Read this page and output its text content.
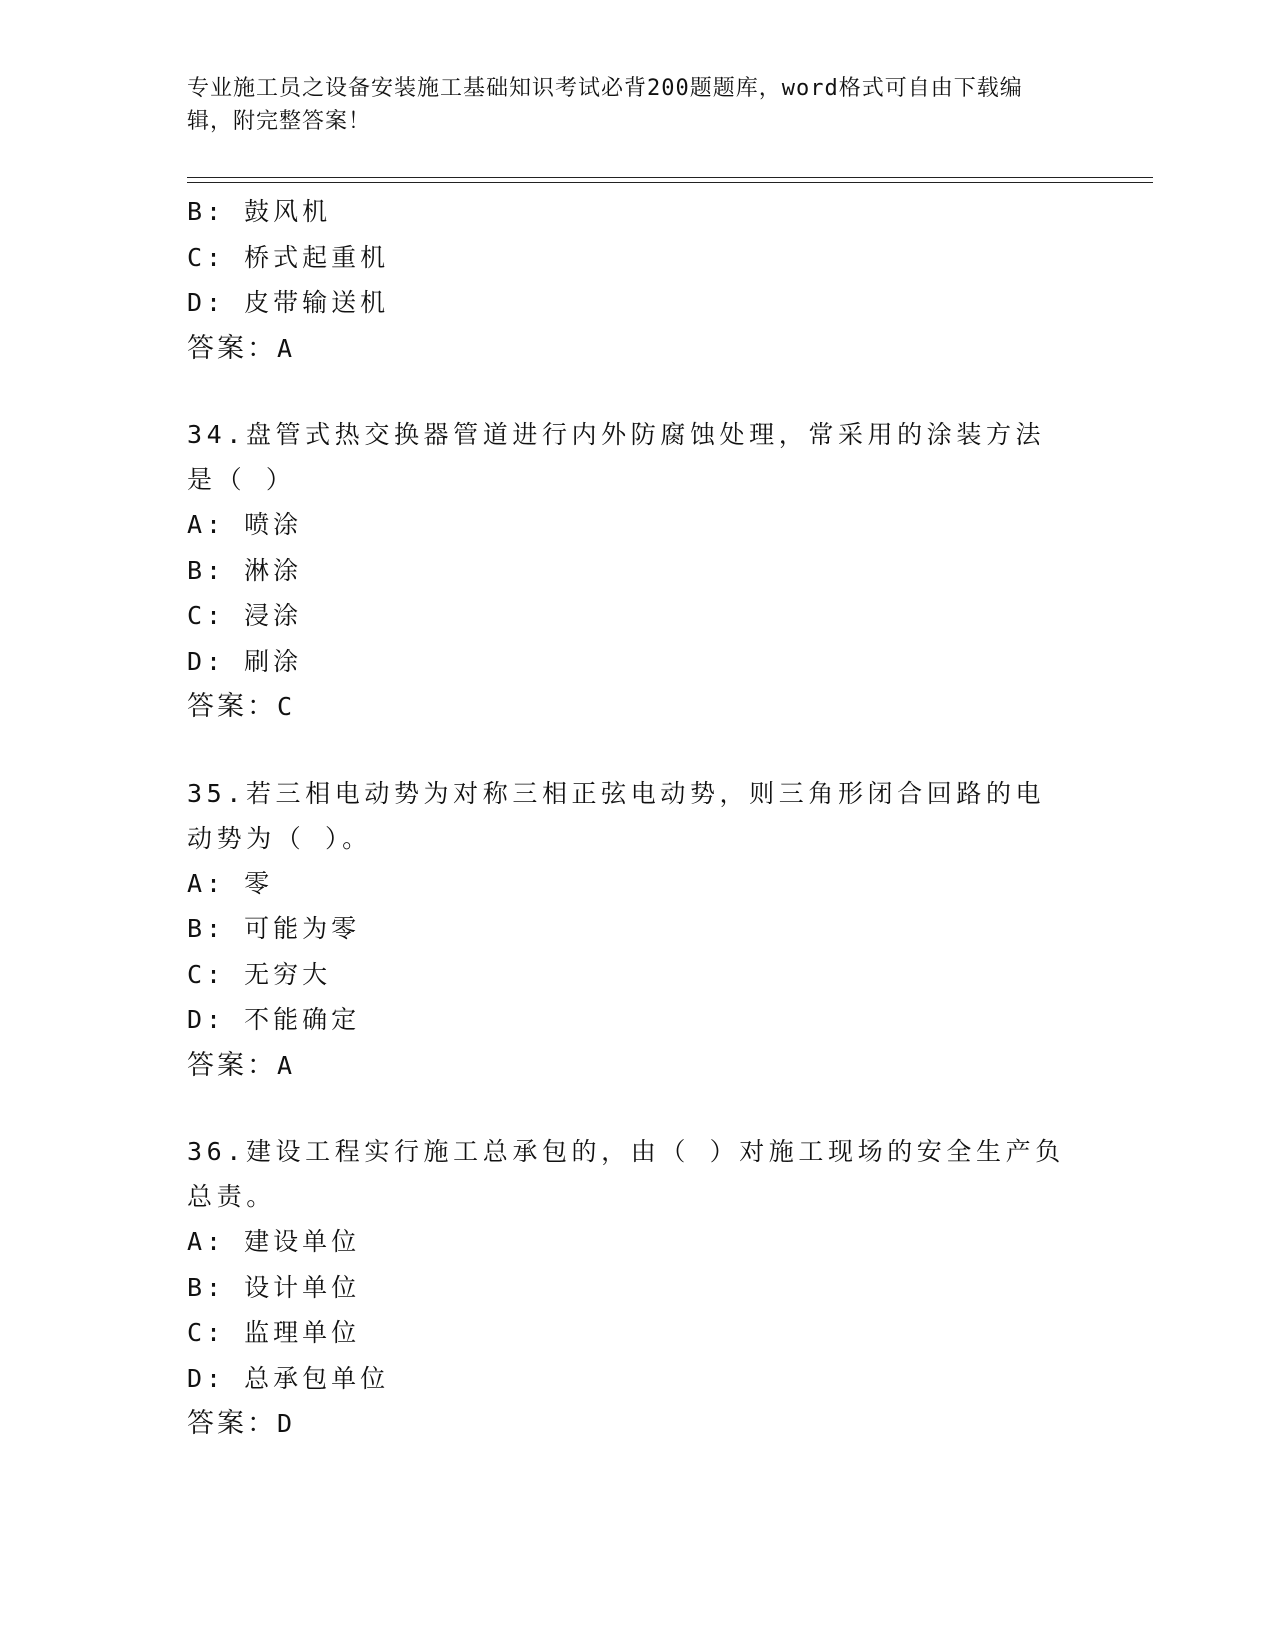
专业施工员之设备安装施工基础知识考试必背200题题库，word格式可自由下载编辑，附完整答案！
B: 鼓风机
C: 桥式起重机
D: 皮带输送机
答案：A
34.盘管式热交换器管道进行内外防腐蚀处理，常采用的涂装方法是（ ）
A: 喷涂
B: 淋涂
C: 浸涂
D: 刷涂
答案：C
35.若三相电动势为对称三相正弦电动势，则三角形闭合回路的电动势为（ ）。
A: 零
B: 可能为零
C: 无穷大
D: 不能确定
答案：A
36.建设工程实行施工总承包的，由（ ）对施工现场的安全生产负总责。
A: 建设单位
B: 设计单位
C: 监理单位
D: 总承包单位
答案：D
